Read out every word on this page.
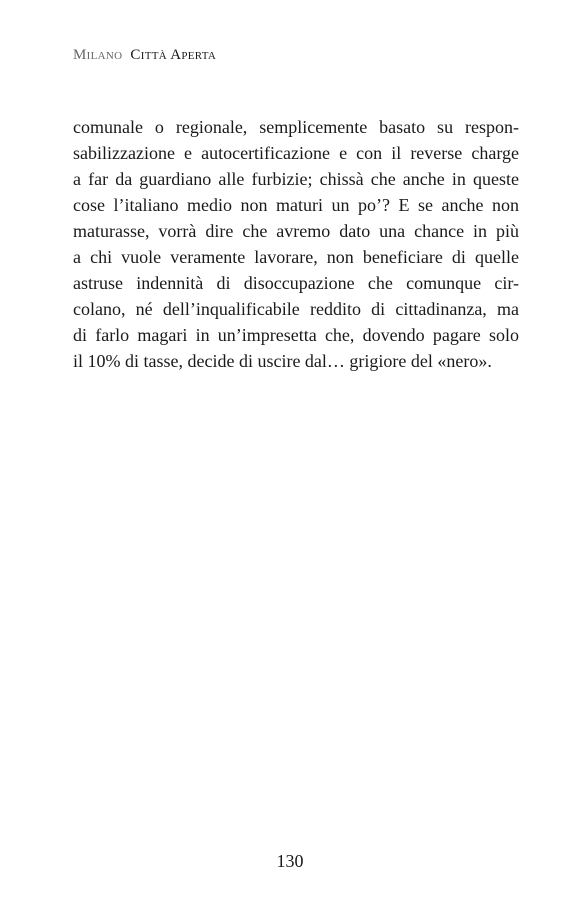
Milano Città Aperta
comunale o regionale, semplicemente basato su respon-
sabilizzazione e autocertificazione e con il reverse charge
a far da guardiano alle furbizie; chissà che anche in queste
cose l’italiano medio non maturi un po’? E se anche non
maturasse, vorrà dire che avremo dato una chance in più
a chi vuole veramente lavorare, non beneficiare di quelle
astruse indennità di disoccupazione che comunque cir-
colano, né dell’inqualificabile reddito di cittadinanza, ma
di farlo magari in un’impresetta che, dovendo pagare solo
il 10% di tasse, decide di uscire dal… grigiore del «nero».
130
